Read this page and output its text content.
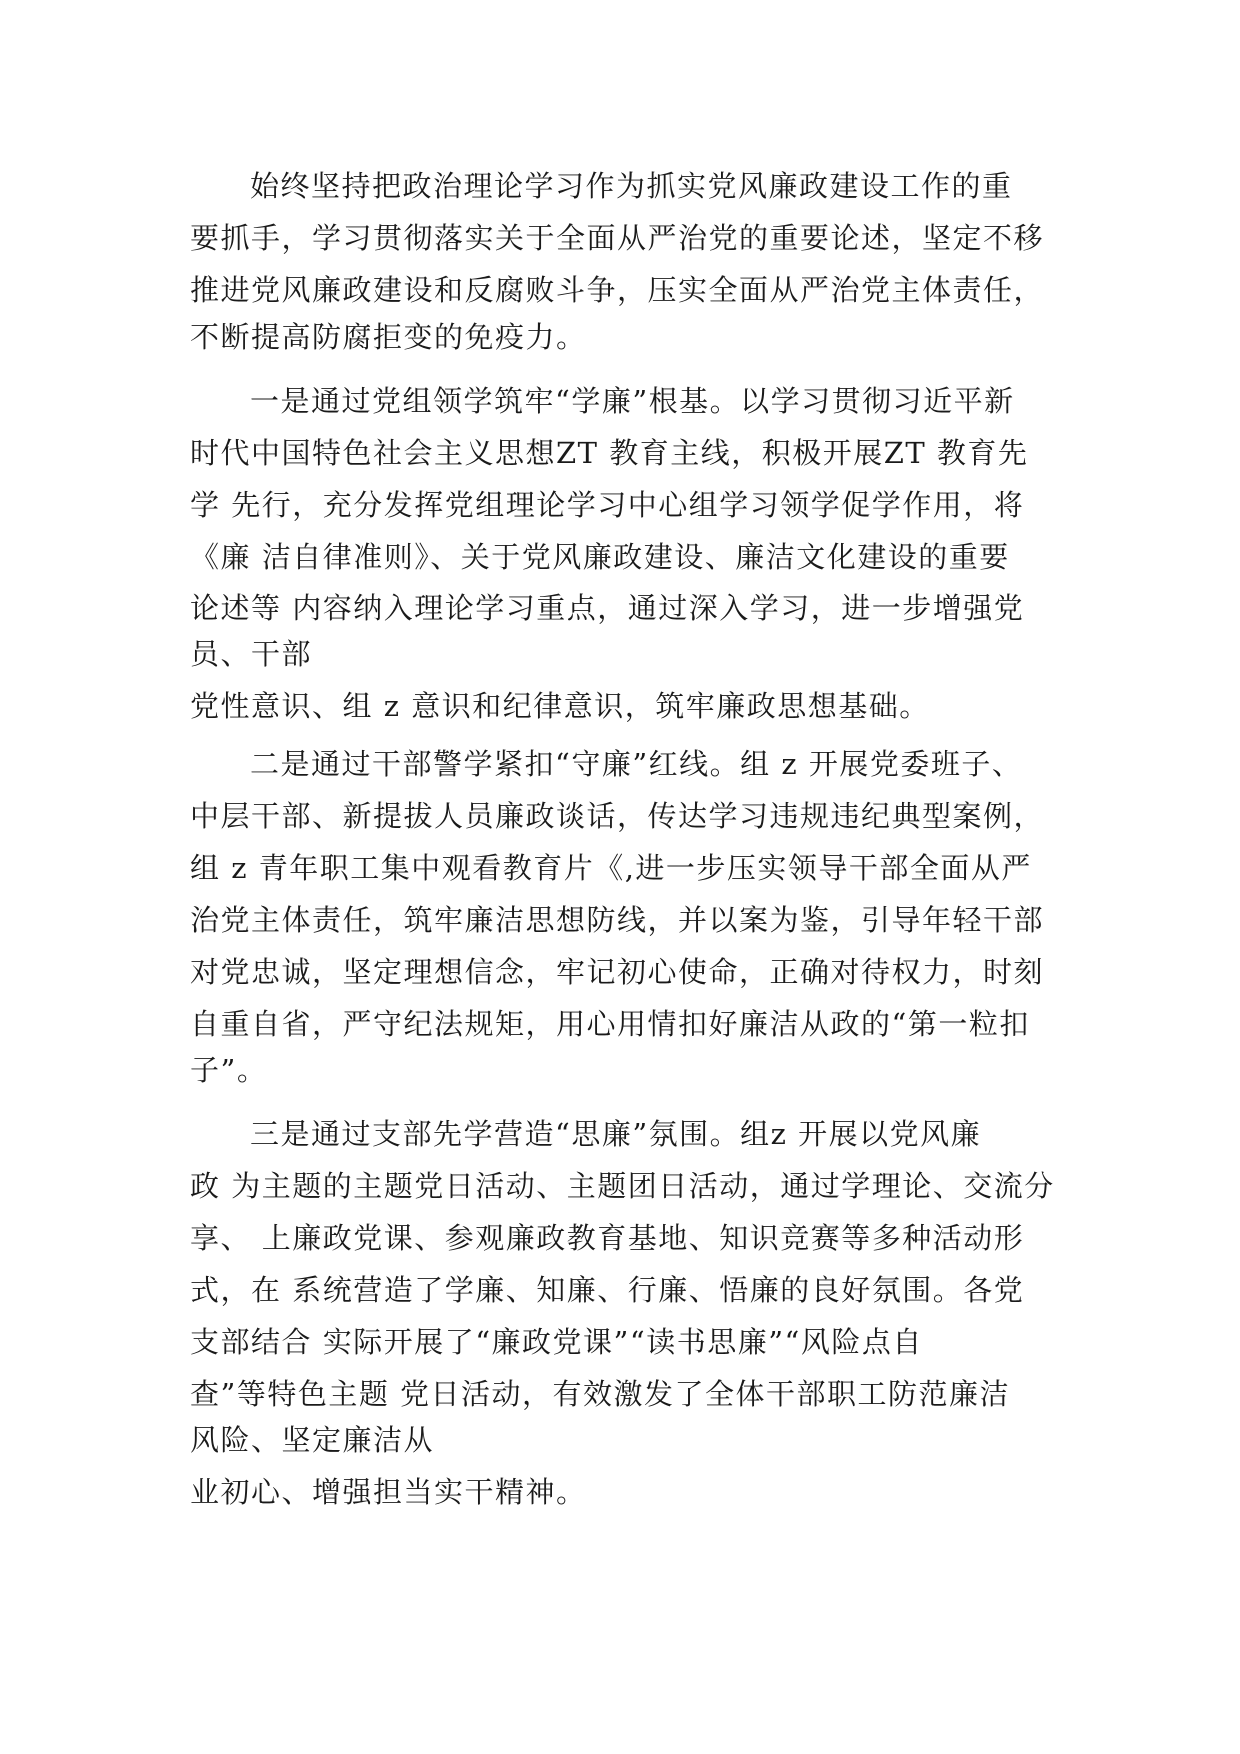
始终坚持把政治理论学习作为抓实党风廉政建设工作的重

要抓手，学习贯彻落实关于全面从严治党的重要论述，坚定不移

推进党风廉政建设和反腐败斗争，压实全面从严治党主体责任，

不断提高防腐拒变的免疫力。

一是通过党组领学筑牢“学廉”根基。以学习贯彻习近平新

时代中国特色社会主义思想ZT 教育主线，积极开展ZT 教育先

学 先行，充分发挥党组理论学习中心组学习领学促学作用，将

《廉 洁自律准则》、关于党风廉政建设、廉洁文化建设的重要

论述等 内容纳入理论学习重点，通过深入学习，进一步增强党

员、干部

党性意识、组 z 意识和纪律意识，筑牢廉政思想基础。

二是通过干部警学紧扣“守廉”红线。组 z 开展党委班子、

中层干部、新提拔人员廉政谈话，传达学习违规违纪典型案例，

组 z 青年职工集中观看教育片《,进一步压实领导干部全面从严

治党主体责任，筑牢廉洁思想防线，并以案为鉴，引导年轻干部

对党忠诚，坚定理想信念，牢记初心使命，正确对待权力，时刻

自重自省，严守纪法规矩，用心用情扣好廉洁从政的“第一粒扣

子”。

三是通过支部先学营造“思廉”氛围。组z 开展以党风廉

政 为主题的主题党日活动、主题团日活动，通过学理论、交流分

享、 上廉政党课、参观廉政教育基地、知识竞赛等多种活动形

式，在 系统营造了学廉、知廉、行廉、悟廉的良好氛围。各党

支部结合 实际开展了“廉政党课”“读书思廉”“风险点自

查”等特色主题 党日活动，有效激发了全体干部职工防范廉洁

风险、坚定廉洁从

业初心、增强担当实干精神。
